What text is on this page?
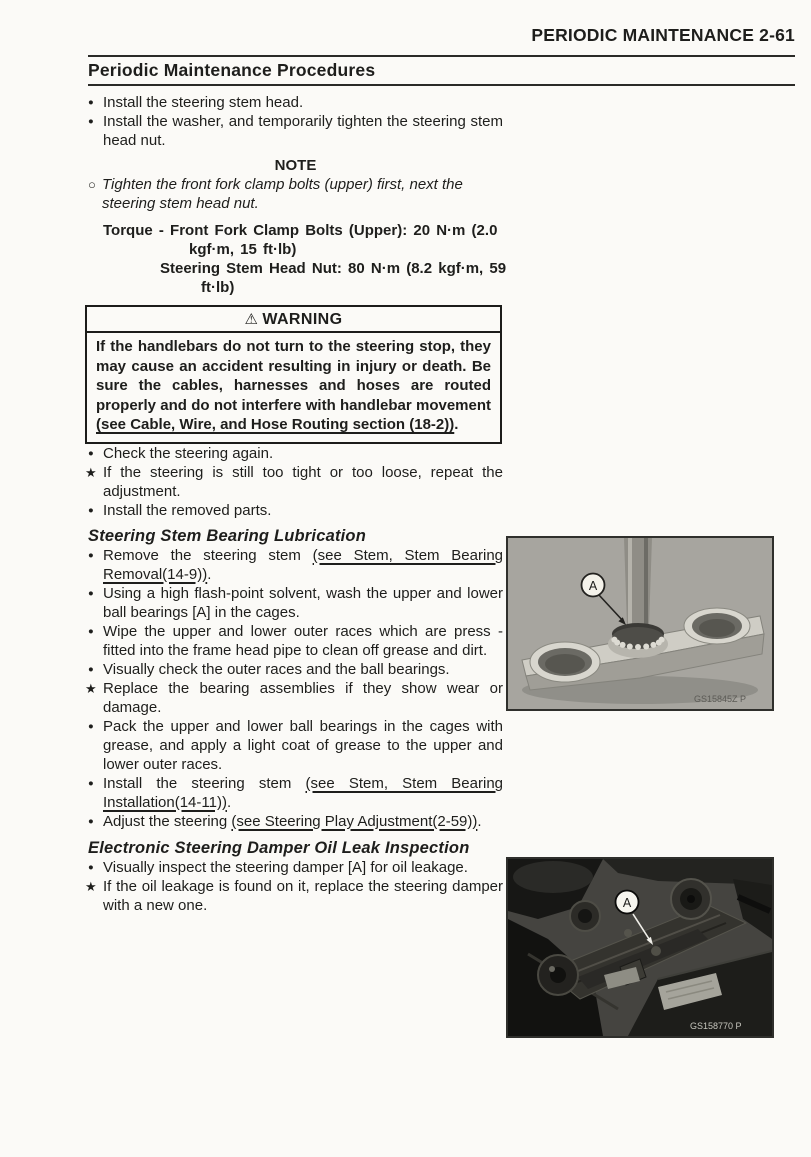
PERIODIC MAINTENANCE 2-61
Periodic Maintenance Procedures
● Install the steering stem head.
● Install the washer, and temporarily tighten the steering stem head nut.
NOTE
○ Tighten the front fork clamp bolts (upper) first, next the steering stem head nut.
Torque - Front Fork Clamp Bolts (Upper): 20 N·m (2.0
kgf·m, 15 ft·lb)
Steering Stem Head Nut: 80 N·m (8.2 kgf·m, 59
ft·lb)
⚠ WARNING
If the handlebars do not turn to the steering stop, they may cause an accident resulting in injury or death. Be sure the cables, harnesses and hoses are routed properly and do not interfere with handlebar movement (see Cable, Wire, and Hose Routing section (18-2)).
● Check the steering again.
★ If the steering is still too tight or too loose, repeat the adjustment.
● Install the removed parts.
Steering Stem Bearing Lubrication
● Remove the steering stem (see Stem, Stem Bearing Removal(14-9)).
● Using a high flash-point solvent, wash the upper and lower ball bearings [A] in the cages.
● Wipe the upper and lower outer races which are press -fitted into the frame head pipe to clean off grease and dirt.
● Visually check the outer races and the ball bearings.
★ Replace the bearing assemblies if they show wear or damage.
● Pack the upper and lower ball bearings in the cages with grease, and apply a light coat of grease to the upper and lower outer races.
● Install the steering stem (see Stem, Stem Bearing Installation(14-11)).
● Adjust the steering (see Steering Play Adjustment(2-59)).
Electronic Steering Damper Oil Leak Inspection
● Visually inspect the steering damper [A] for oil leakage.
★ If the oil leakage is found on it, replace the steering damper with a new one.
A
GS15845Z P
A
GS158770 P
